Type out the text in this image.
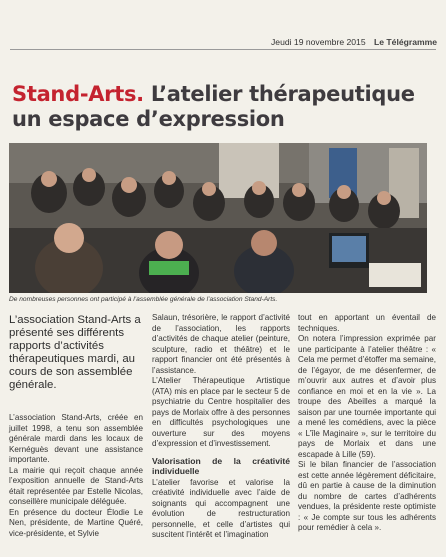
Jeudi 19 novembre 2015 Le Télégramme
Stand-Arts. L’atelier thérapeutique un espace d’expression
De nombreuses personnes ont participé à l’assemblée générale de l’association Stand-Arts.
L’association Stand-Arts a présenté ses différents rapports d’activités thérapeutiques mardi, au cours de son assemblée générale.

L’association Stand-Arts, créée en juillet 1998, a tenu son assemblée générale mardi dans les locaux de Kernéguès devant une assistance importante.

La mairie qui reçoit chaque année l’exposition annuelle de Stand-Arts était représentée par Estelle Nicolas, conseillère municipale déléguée.

En présence du docteur Élodie Le Nen, présidente, de Martine Quéré, vice-présidente, et Sylvie

Salaun, trésorière, le rapport d’activité de l’association, les rapports d’activités de chaque atelier (peinture, sculpture, radio et théâtre) et le rapport financier ont été présentés à l’assistance.

L’Atelier Thérapeutique Artistique (ATA) mis en place par le secteur 5 de psychiatrie du Centre hospitalier des pays de Morlaix offre à des personnes en difficultés psychologiques une ouverture sur des moyens d’expression et d’investissement.

Valorisation de la créativité individuelle

L’atelier favorise et valorise la créativité individuelle avec l’aide de soignants qui accompagnent une évolution de restructuration personnelle, et celle d’artistes qui suscitent l’intérêt et l’imagination

tout en apportant un éventail de techniques.

On notera l’impression exprimée par une participante à l’atelier théâtre : « Cela me permet d’étoffer ma semaine, de l’égayor, de me désenfermer, de m’ouvrir aux autres et d’avoir plus confiance en moi et en la vie ». La troupe des Abeilles a marqué la saison par une tournée importante qui a mené les comédiens, avec la pièce « L’île Maginaire », sur le territoire du pays de Morlaix et dans une escapade à Lille (59).

Si le bilan financier de l’association est cette année légèrement déficitaire, dû en partie à cause de la diminution du nombre de cartes d’adhérents vendues, la présidente reste optimiste : « Je compte sur tous les adhérents pour remédier à cela ».
